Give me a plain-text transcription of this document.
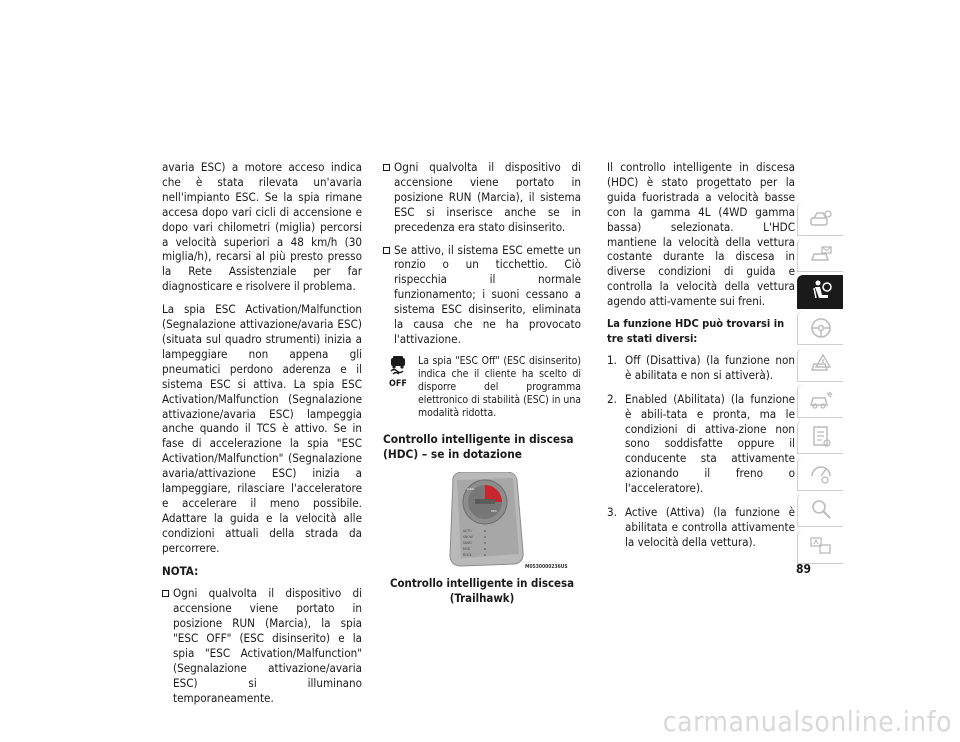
avaria ESC) a motore acceso indica che è stata rilevata un'avaria nell'impianto ESC. Se la spia rimane accesa dopo vari cicli di accensione e dopo vari chilometri (miglia) percorsi a velocità superiori a 48 km/h (30 miglia/h), recarsi al più presto presso la Rete Assistenziale per far diagnosticare e risolvere il problema.

La spia ESC Activation/Malfunction (Segnalazione attivazione/avaria ESC) (situata sul quadro strumenti) inizia a lampeggiare non appena gli pneumatici perdono aderenza e il sistema ESC si attiva. La spia ESC Activation/Malfunction (Segnalazione attivazione/avaria ESC) lampeggia anche quando il TCS è attivo. Se in fase di accelerazione la spia "ESC Activation/Malfunction" (Segnalazione avaria/attivazione ESC) inizia a lampeggiare, rilasciare l'acceleratore e accelerare il meno possibile. Adattare la guida e la velocità alle condizioni attuali della strada da percorrere.

NOTA:
Ogni qualvolta il dispositivo di accensione viene portato in posizione RUN (Marcia), la spia "ESC OFF" (ESC disinserito) e la spia "ESC Activation/Malfunction" (Segnalazione attivazione/avaria ESC) si illuminano temporaneamente.
Ogni qualvolta il dispositivo di accensione viene portato in posizione RUN (Marcia), il sistema ESC si inserisce anche se in precedenza era stato disinserito.
Se attivo, il sistema ESC emette un ronzio o un ticchettio. Ciò rispecchia il normale funzionamento; i suoni cessano a sistema ESC disinserito, eliminata la causa che ne ha provocato l'attivazione.
OFF
La spia "ESC Off" (ESC disinserito) indica che il cliente ha scelto di disporre del programma elettronico di stabilità (ESC) in una modalità ridotta.
Controllo intelligente in discesa (HDC) – se in dotazione
HDC
LOCK
AUTO
SNOW
SAND
MUD
ROCK
M0530000236US
Controllo intelligente in discesa (Trailhawk)

Il controllo intelligente in discesa (HDC) è stato progettato per la guida fuoristrada a velocità basse con la gamma 4L (4WD gamma bassa) selezionata. L'HDC mantiene la velocità della vettura costante durante la discesa in diverse condizioni di guida e controlla la velocità della vettura agendo atti-vamente sui freni.

La funzione HDC può trovarsi in tre stati diversi:
1. Off (Disattiva) (la funzione non è abilitata e non si attiverà).
2. Enabled (Abilitata) (la funzione è abili-tata e pronta, ma le condizioni di attiva-zione non sono soddisfatte oppure il conducente sta attivamente azionando il freno o l'acceleratore).
3. Active (Attiva) (la funzione è abilitata e controlla attivamente la velocità della vettura).
89
carmanualsonline.info
